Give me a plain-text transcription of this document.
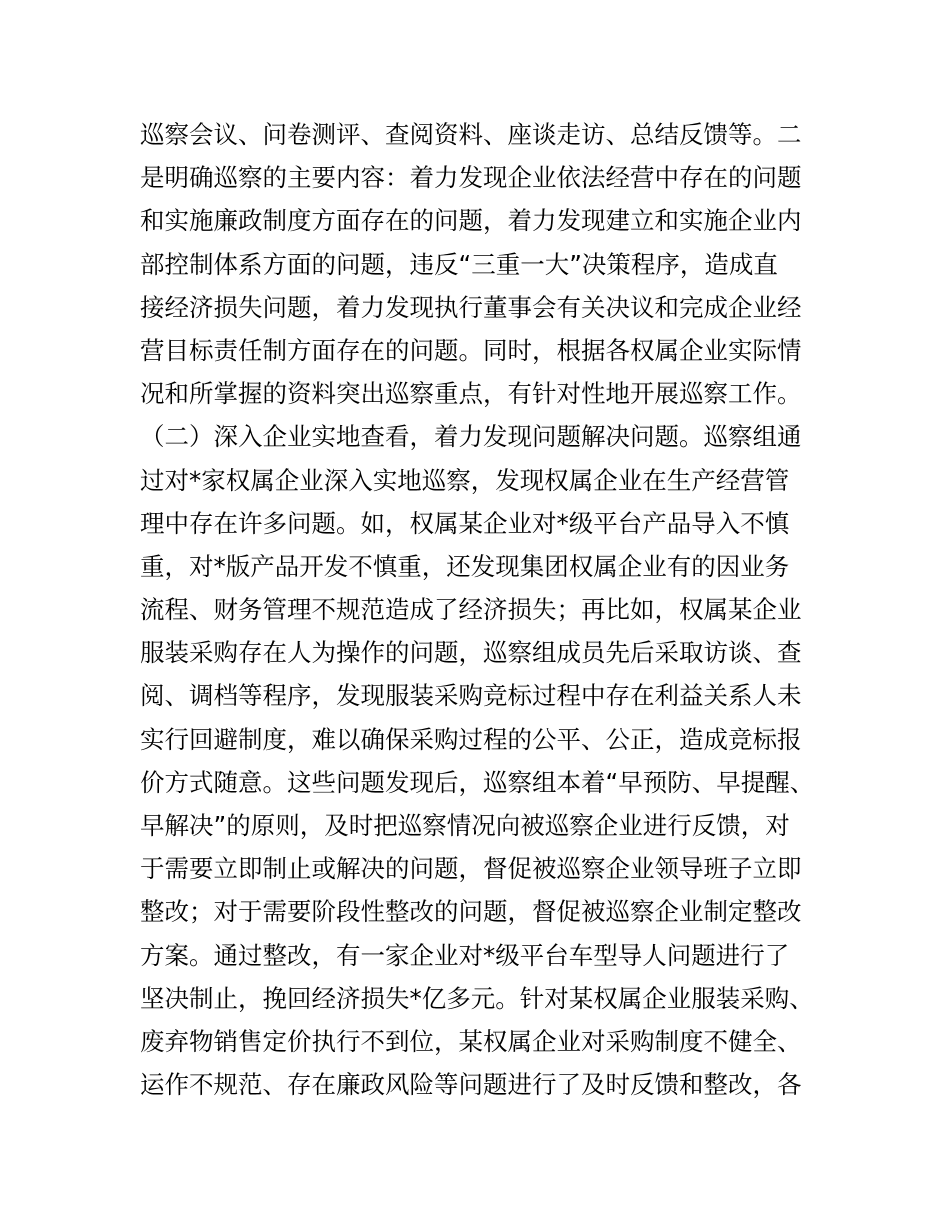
巡察会议、问卷测评、查阅资料、座谈走访、总结反馈等。二
是明确巡察的主要内容：着力发现企业依法经营中存在的问题
和实施廉政制度方面存在的问题，着力发现建立和实施企业内
部控制体系方面的问题，违反“三重一大”决策程序，造成直
接经济损失问题，着力发现执行董事会有关决议和完成企业经
营目标责任制方面存在的问题。同时，根据各权属企业实际情
况和所掌握的资料突出巡察重点，有针对性地开展巡察工作。
（二）深入企业实地查看，着力发现问题解决问题。巡察组通
过对*家权属企业深入实地巡察，发现权属企业在生产经营管
理中存在许多问题。如，权属某企业对*级平台产品导入不慎
重，对*版产品开发不慎重，还发现集团权属企业有的因业务
流程、财务管理不规范造成了经济损失；再比如，权属某企业
服装采购存在人为操作的问题，巡察组成员先后采取访谈、查
阅、调档等程序，发现服装采购竞标过程中存在利益关系人未
实行回避制度，难以确保采购过程的公平、公正，造成竞标报
价方式随意。这些问题发现后，巡察组本着“早预防、早提醒、
早解决”的原则，及时把巡察情况向被巡察企业进行反馈，对
于需要立即制止或解决的问题，督促被巡察企业领导班子立即
整改；对于需要阶段性整改的问题，督促被巡察企业制定整改
方案。通过整改，有一家企业对*级平台车型导人问题进行了
坚决制止，挽回经济损失*亿多元。针对某权属企业服装采购、
废弃物销售定价执行不到位，某权属企业对采购制度不健全、
运作不规范、存在廉政风险等问题进行了及时反馈和整改，各
